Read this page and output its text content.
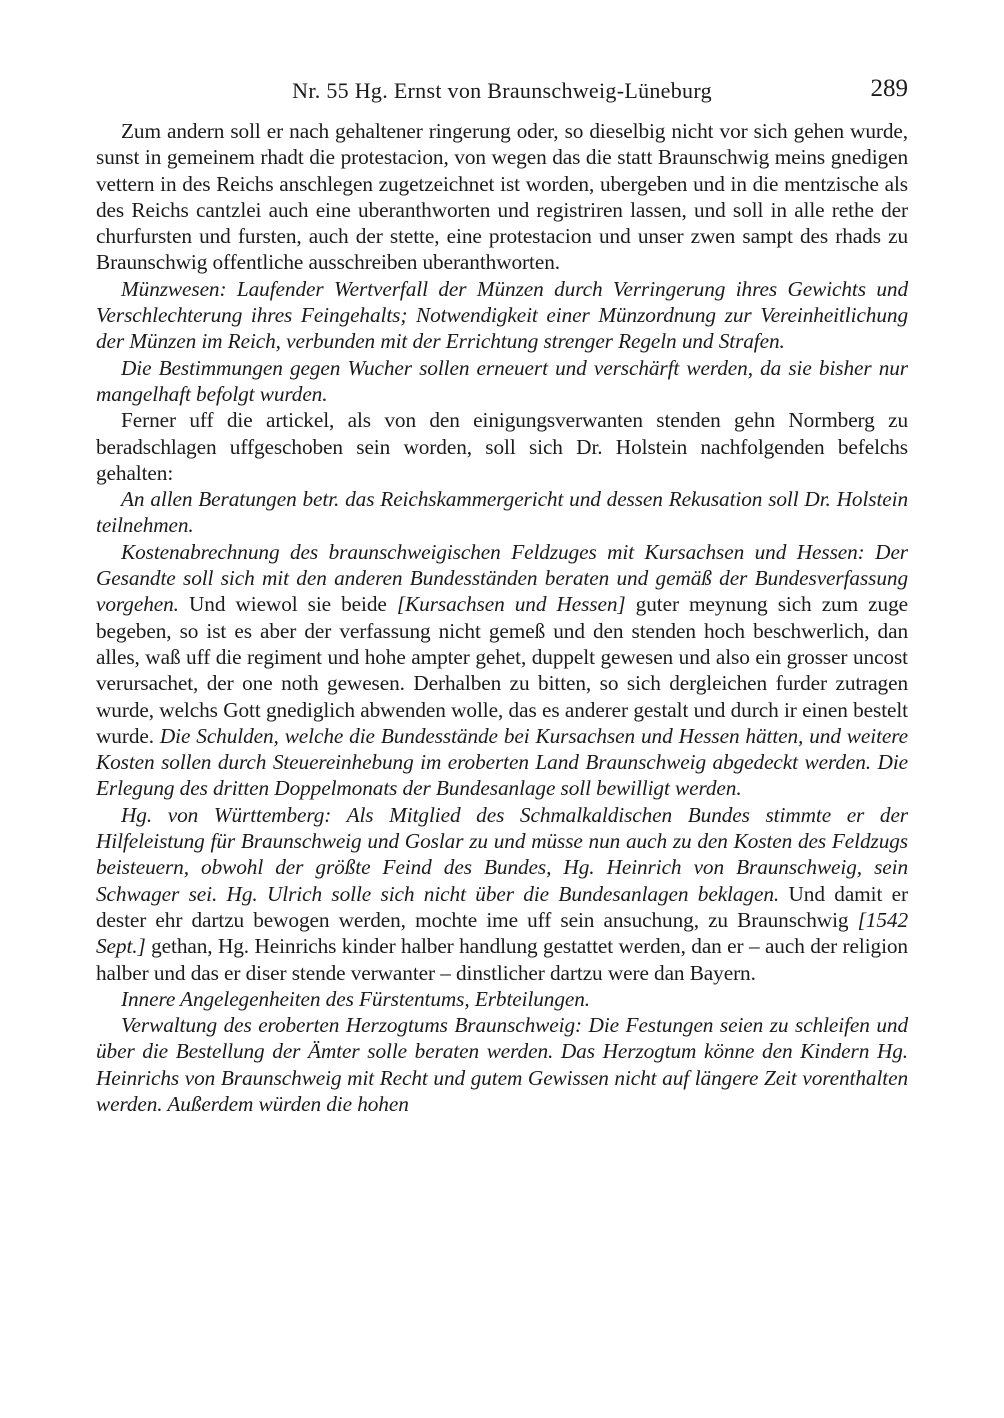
Nr. 55 Hg. Ernst von Braunschweig-Lüneburg	289

Zum andern soll er nach gehaltener ringerung oder, so dieselbig nicht vor sich gehen wurde, sunst in gemeinem rhadt die protestacion, von wegen das die statt Braunschwig meins gnedigen vettern in des Reichs anschlegen zugetzeichnet ist worden, ubergeben und in die mentzische als des Reichs cantzlei auch eine uberanthworten und registriren lassen, und soll in alle rethe der churfursten und fursten, auch der stette, eine protestacion und unser zwen sampt des rhads zu Braunschwig offentliche ausschreiben uberanthworten.

Münzwesen: Laufender Wertverfall der Münzen durch Verringerung ihres Gewichts und Verschlechterung ihres Feingehalts; Notwendigkeit einer Münzordnung zur Vereinheitlichung der Münzen im Reich, verbunden mit der Errichtung strenger Regeln und Strafen.

Die Bestimmungen gegen Wucher sollen erneuert und verschärft werden, da sie bisher nur mangelhaft befolgt wurden.

Ferner uff die artickel, als von den einigungsverwanten stenden gehn Normberg zu beradschlagen uffgeschoben sein worden, soll sich Dr. Holstein nachfolgenden befelchs gehalten:

An allen Beratungen betr. das Reichskammergericht und dessen Rekusation soll Dr. Holstein teilnehmen.

Kostenabrechnung des braunschweigischen Feldzuges mit Kursachsen und Hessen: Der Gesandte soll sich mit den anderen Bundesständen beraten und gemäß der Bundesverfassung vorgehen. Und wiewol sie beide [Kursachsen und Hessen] guter meynung sich zum zuge begeben, so ist es aber der verfassung nicht gemeß und den stenden hoch beschwerlich, dan alles, waß uff die regiment und hohe ampter gehet, duppelt gewesen und also ein grosser uncost verursachet, der one noth gewesen. Derhalben zu bitten, so sich dergleichen furder zutragen wurde, welchs Gott gnediglich abwenden wolle, das es anderer gestalt und durch ir einen bestelt wurde. Die Schulden, welche die Bundesstände bei Kursachsen und Hessen hätten, und weitere Kosten sollen durch Steuereinhebung im eroberten Land Braunschweig abgedeckt werden. Die Erlegung des dritten Doppelmonats der Bundesanlage soll bewilligt werden.

Hg. von Württemberg: Als Mitglied des Schmalkaldischen Bundes stimmte er der Hilfeleistung für Braunschweig und Goslar zu und müsse nun auch zu den Kosten des Feldzugs beisteuern, obwohl der größte Feind des Bundes, Hg. Heinrich von Braunschweig, sein Schwager sei. Hg. Ulrich solle sich nicht über die Bundesanlagen beklagen. Und damit er dester ehr dartzu bewogen werden, mochte ime uff sein ansuchung, zu Braunschwig [1542 Sept.] gethan, Hg. Heinrichs kinder halber handlung gestattet werden, dan er – auch der religion halber und das er diser stende verwanter – dinstlicher dartzu were dan Bayern.

Innere Angelegenheiten des Fürstentums, Erbteilungen.

Verwaltung des eroberten Herzogtums Braunschweig: Die Festungen seien zu schleifen und über die Bestellung der Ämter solle beraten werden. Das Herzogtum könne den Kindern Hg. Heinrichs von Braunschweig mit Recht und gutem Gewissen nicht auf längere Zeit vorenthalten werden. Außerdem würden die hohen
